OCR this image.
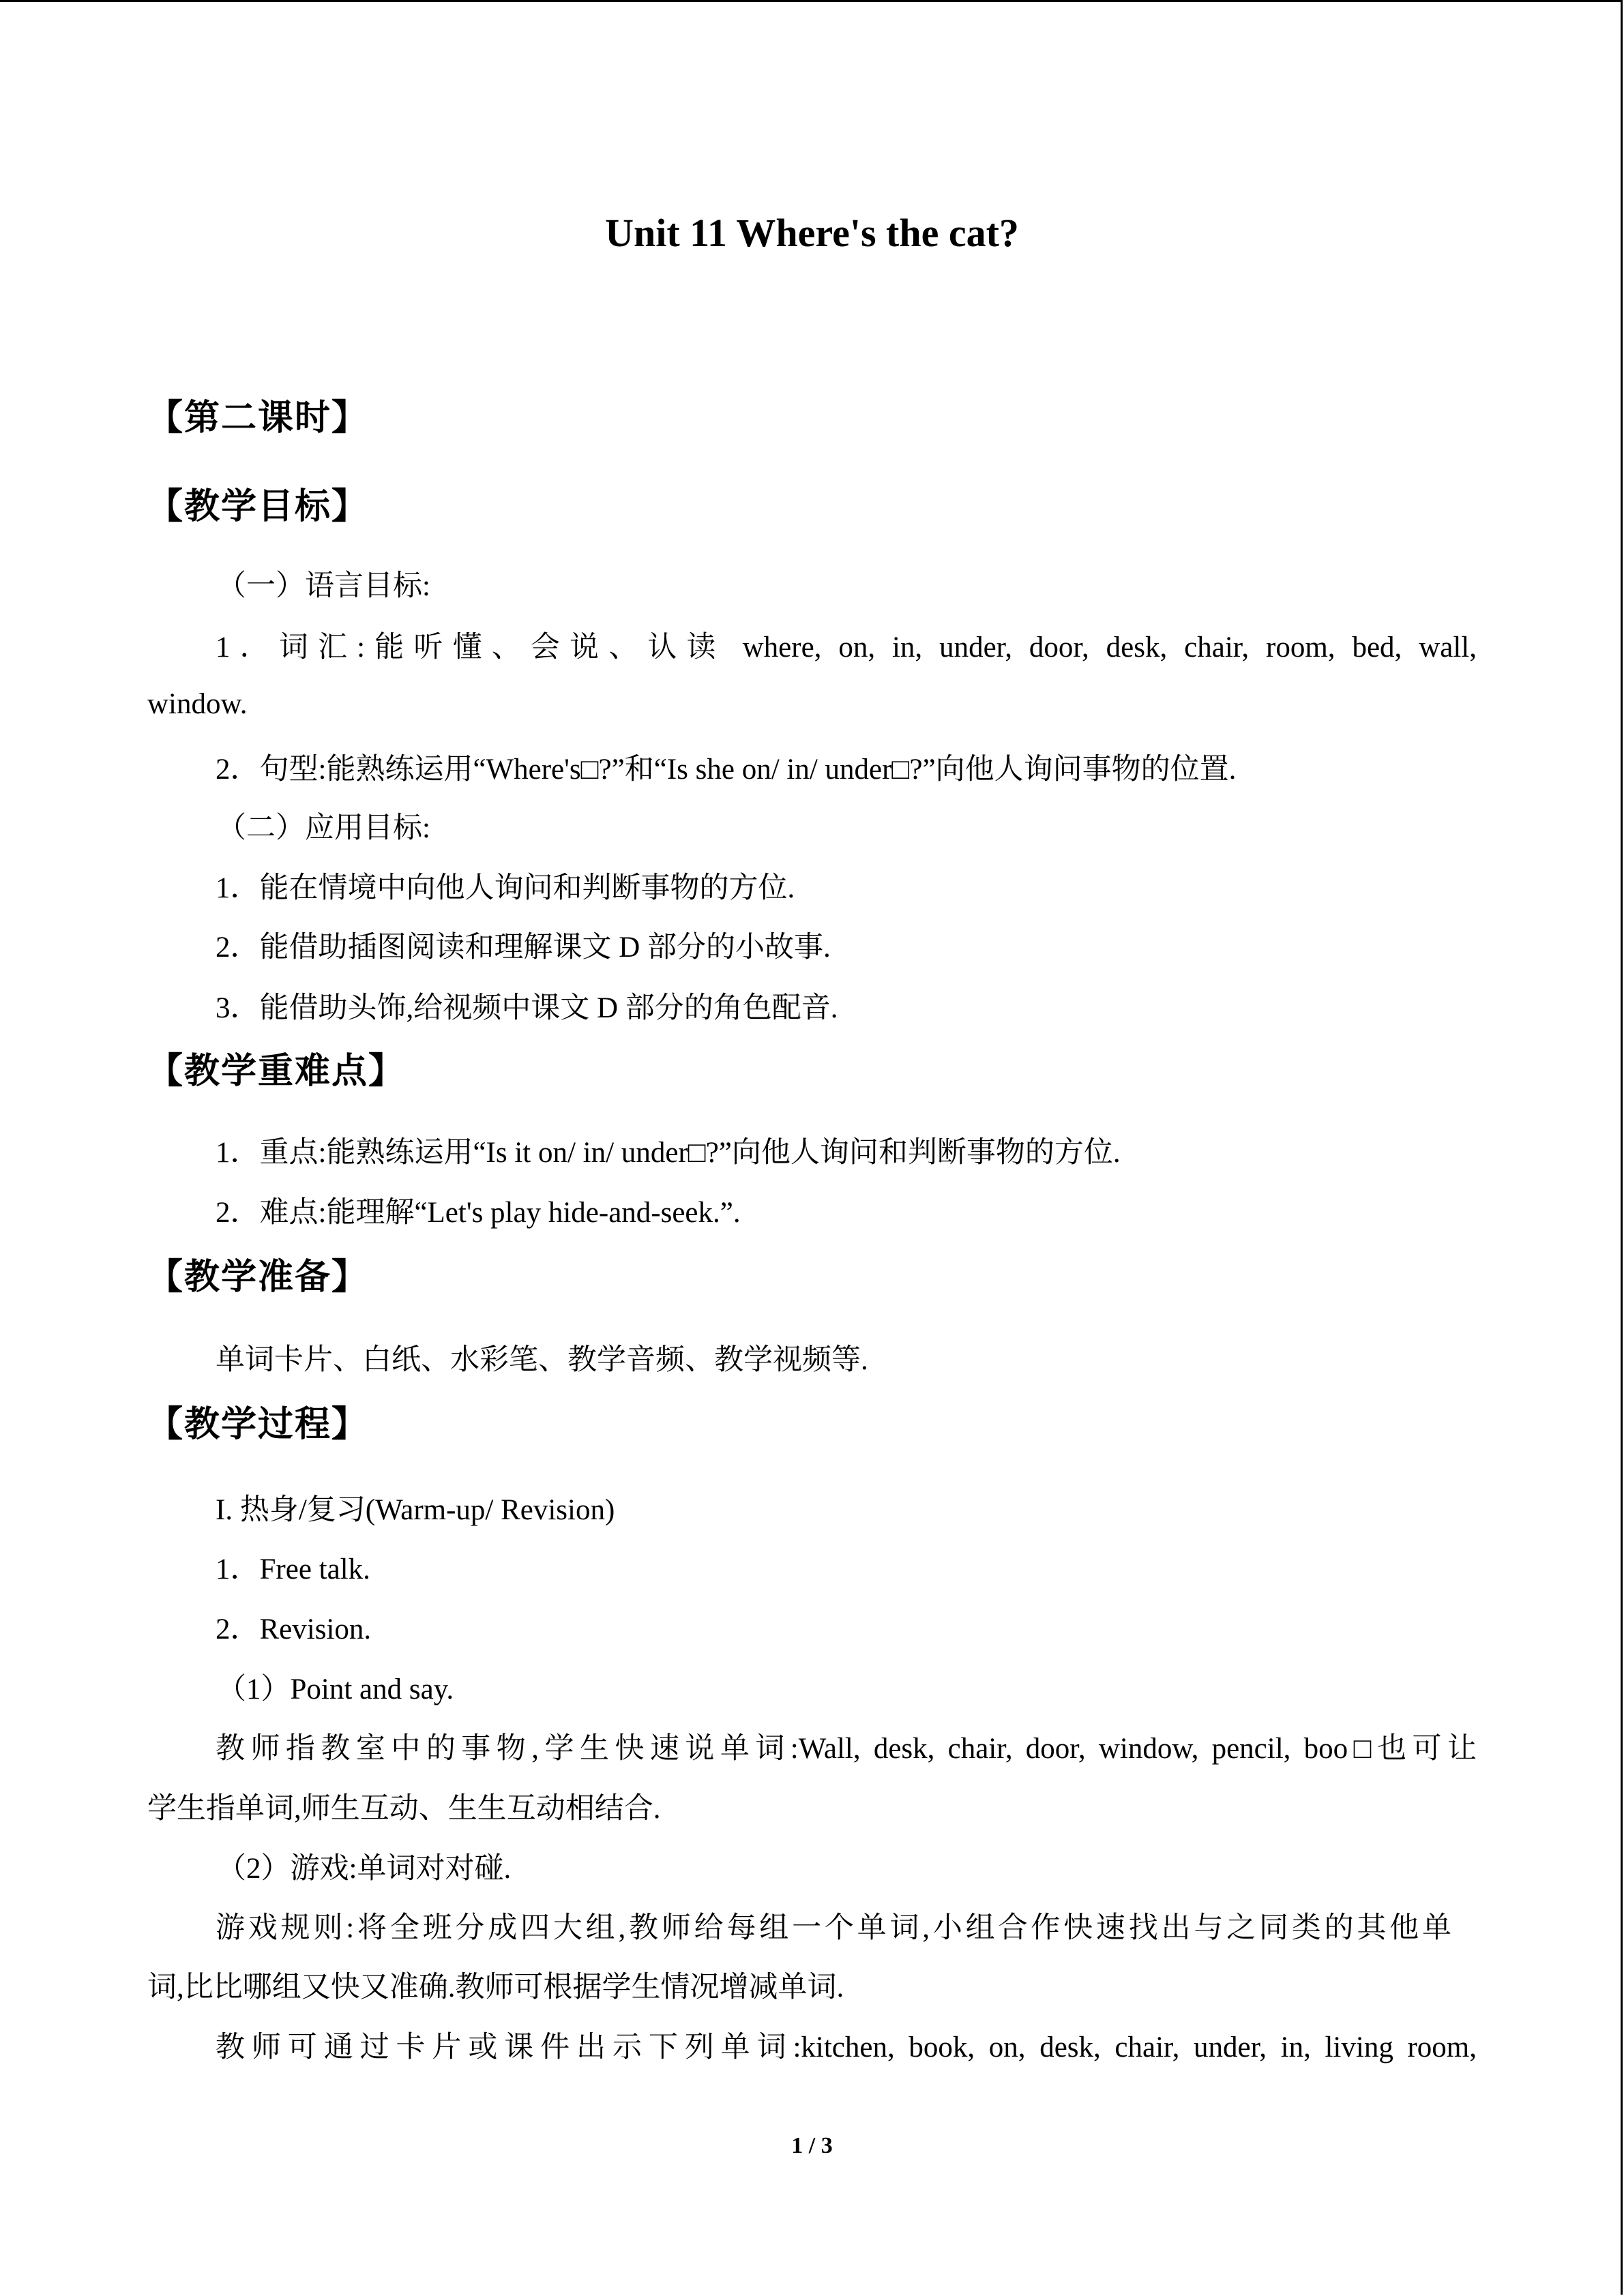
Unit 11 Where's the cat?
【第二课时】
【教学目标】
（一）语言目标:
1．词汇:能听懂、会说、认读 where, on, in, under, door, desk, chair, room, bed, wall,
window.
2．句型:能熟练运用“Where's□?”和“Is she on/ in/ under□?”向他人询问事物的位置.
（二）应用目标:
1．能在情境中向他人询问和判断事物的方位.
2．能借助插图阅读和理解课文 D 部分的小故事.
3．能借助头饰,给视频中课文 D 部分的角色配音.
【教学重难点】
1．重点:能熟练运用“Is it on/ in/ under□?”向他人询问和判断事物的方位.
2．难点:能理解“Let's play hide-and-seek.”.
【教学准备】
单词卡片、白纸、水彩笔、教学音频、教学视频等.
【教学过程】
I. 热身/复习(Warm-up/ Revision)
1．Free talk.
2．Revision.
（1）Point and say.
教师指教室中的事物,学生快速说单词:Wall, desk, chair, door, window, pencil, boo□也可让
学生指单词,师生互动、生生互动相结合.
（2）游戏:单词对对碰.
游戏规则:将全班分成四大组,教师给每组一个单词,小组合作快速找出与之同类的其他单
词,比比哪组又快又准确.教师可根据学生情况增减单词.
教师可通过卡片或课件出示下列单词:kitchen, book, on, desk, chair, under, in, living room,
1 / 3
